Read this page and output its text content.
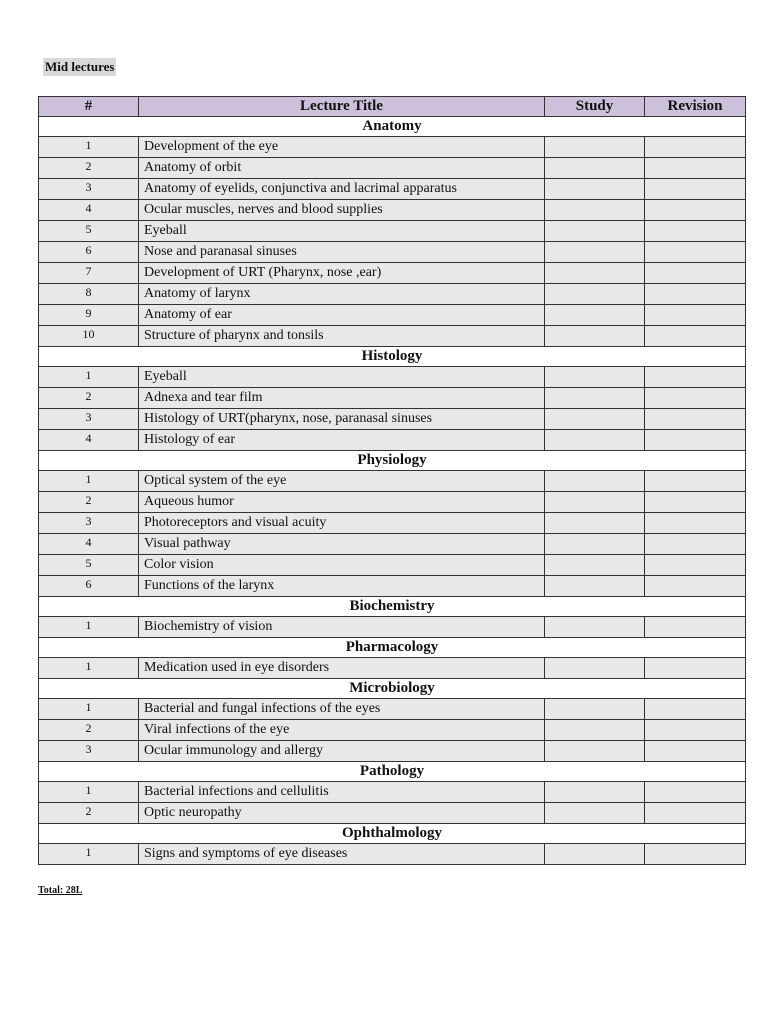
Mid lectures
#	Lecture Title	Study	Revision
Anatomy			
1	Development of the eye		
2	Anatomy of orbit		
3	Anatomy of eyelids, conjunctiva and lacrimal apparatus		
4	Ocular muscles, nerves and blood supplies		
5	Eyeball		
6	Nose and paranasal sinuses		
7	Development of URT (Pharynx, nose ,ear)		
8	Anatomy of larynx		
9	Anatomy of ear		
10	Structure of pharynx and tonsils		
Histology			
1	Eyeball		
2	Adnexa and tear film		
3	Histology of URT(pharynx, nose, paranasal sinuses		
4	Histology of ear		
Physiology			
1	Optical system of the eye		
2	Aqueous humor		
3	Photoreceptors and visual acuity		
4	Visual pathway		
5	Color vision		
6	Functions of the larynx		
Biochemistry			
1	Biochemistry of vision		
Pharmacology			
1	Medication used in eye disorders		
Microbiology			
1	Bacterial and fungal infections of the eyes		
2	Viral infections of the eye		
3	Ocular immunology and allergy		
Pathology			
1	Bacterial infections and cellulitis		
2	Optic neuropathy		
Ophthalmology			
1	Signs and symptoms of eye diseases		
Total: 28L
